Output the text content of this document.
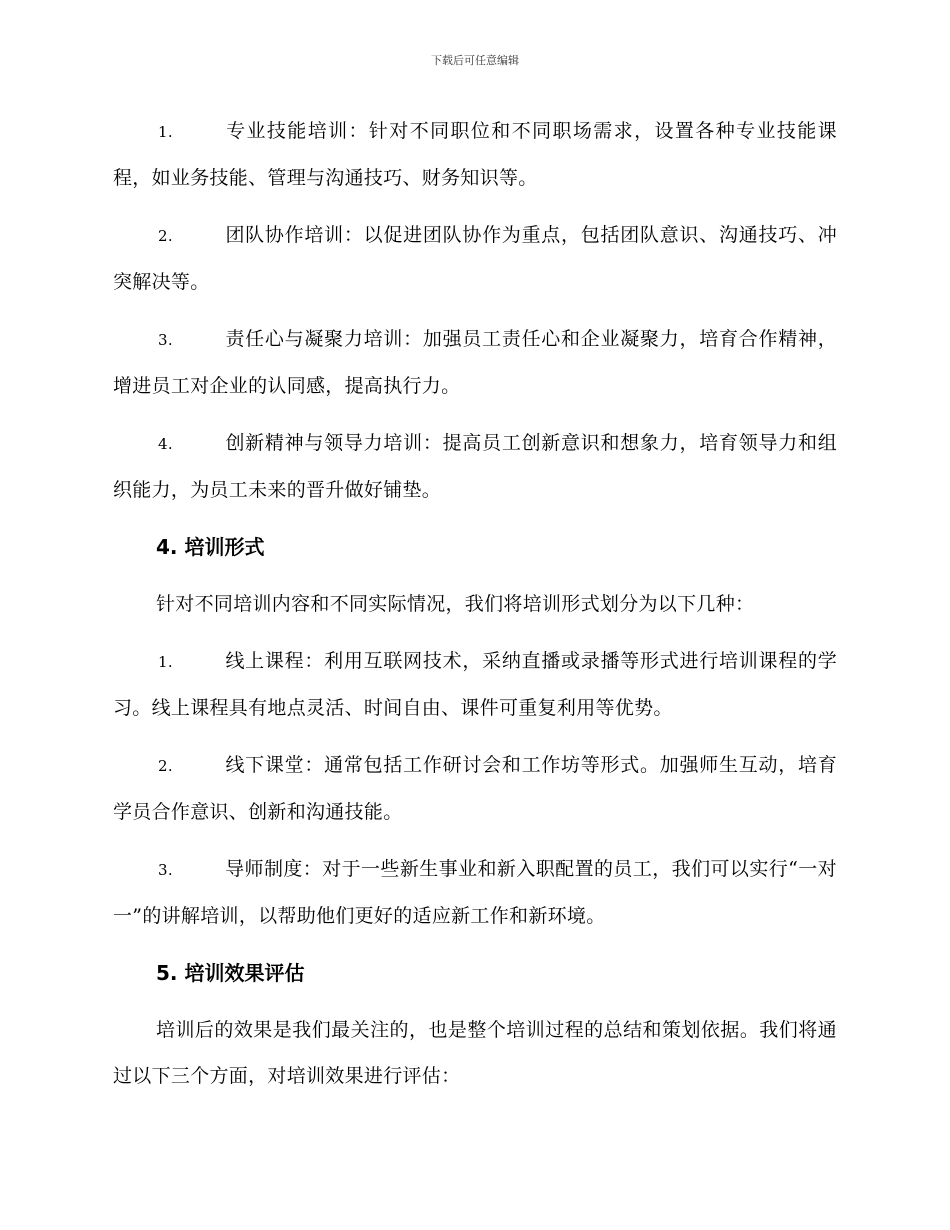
下载后可任意编辑
1.	专业技能培训：针对不同职位和不同职场需求，设置各种专业技能课程，如业务技能、管理与沟通技巧、财务知识等。
2.	团队协作培训：以促进团队协作为重点，包括团队意识、沟通技巧、冲突解决等。
3.	责任心与凝聚力培训：加强员工责任心和企业凝聚力，培育合作精神，增进员工对企业的认同感，提高执行力。
4.	创新精神与领导力培训：提高员工创新意识和想象力，培育领导力和组织能力，为员工未来的晋升做好铺垫。
4. 培训形式
针对不同培训内容和不同实际情况，我们将培训形式划分为以下几种：
1.	线上课程：利用互联网技术，采纳直播或录播等形式进行培训课程的学习。线上课程具有地点灵活、时间自由、课件可重复利用等优势。
2.	线下课堂：通常包括工作研讨会和工作坊等形式。加强师生互动，培育学员合作意识、创新和沟通技能。
3.	导师制度：对于一些新生事业和新入职配置的员工，我们可以实行“一对一”的讲解培训，以帮助他们更好的适应新工作和新环境。
5. 培训效果评估
培训后的效果是我们最关注的，也是整个培训过程的总结和策划依据。我们将通过以下三个方面，对培训效果进行评估：
